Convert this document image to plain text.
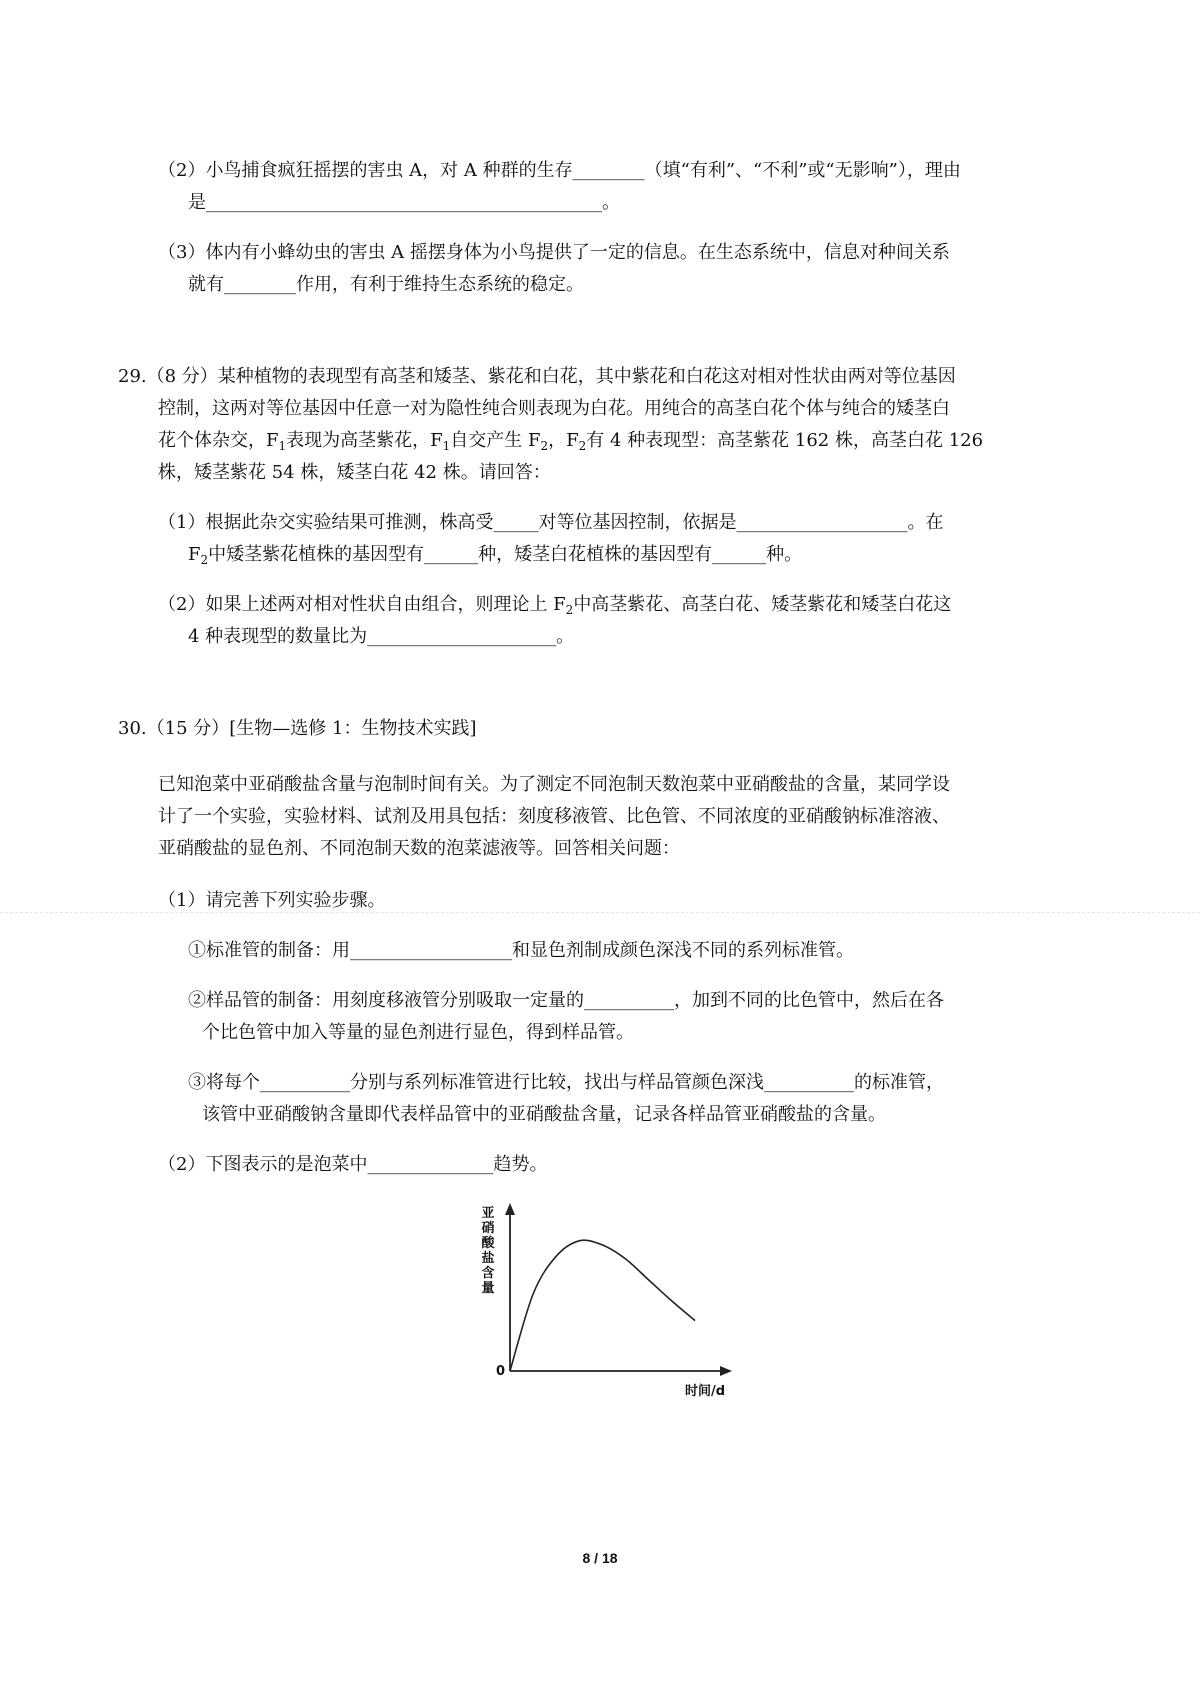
（2）小鸟捕食疯狂摇摆的害虫 A，对 A 种群的生存________（填“有利”、“不利”或“无影响”），理由

是____________________________________________。

（3）体内有小蜂幼虫的害虫 A 摇摆身体为小鸟提供了一定的信息。在生态系统中，信息对种间关系

就有________作用，有利于维持生态系统的稳定。

29.（8 分）某种植物的表现型有高茎和矮茎、紫花和白花，其中紫花和白花这对相对性状由两对等位基因

控制，这两对等位基因中任意一对为隐性纯合则表现为白花。用纯合的高茎白花个体与纯合的矮茎白

花个体杂交，$F_1$表现为高茎紫花，$F_1$自交产生 $F_2$，$F_2$有 4 种表现型：高茎紫花 162 株，高茎白花 126

株，矮茎紫花 54 株，矮茎白花 42 株。请回答：

（1）根据此杂交实验结果可推测，株高受_____对等位基因控制，依据是___________________。在

$F_2$中矮茎紫花植株的基因型有______种，矮茎白花植株的基因型有______种。

（2）如果上述两对相对性状自由组合，则理论上 $F_2$中高茎紫花、高茎白花、矮茎紫花和矮茎白花这

4 种表现型的数量比为_____________________。

30.（15 分）[生物—选修 1：生物技术实践]

已知泡菜中亚硝酸盐含量与泡制时间有关。为了测定不同泡制天数泡菜中亚硝酸盐的含量，某同学设

计了一个实验，实验材料、试剂及用具包括：刻度移液管、比色管、不同浓度的亚硝酸钠标准溶液、

亚硝酸盐的显色剂、不同泡制天数的泡菜滤液等。回答相关问题：

（1）请完善下列实验步骤。

①标准管的制备：用__________________和显色剂制成颜色深浅不同的系列标准管。

②样品管的制备：用刻度移液管分别吸取一定量的__________，加到不同的比色管中，然后在各

个比色管中加入等量的显色剂进行显色，得到样品管。

③将每个__________分别与系列标准管进行比较，找出与样品管颜色深浅__________的标准管，

该管中亚硝酸钠含量即代表样品管中的亚硝酸盐含量，记录各样品管亚硝酸盐的含量。

（2）下图表示的是泡菜中______________趋势。

亚硝酸盐含量
时间/d
0
8 / 18
